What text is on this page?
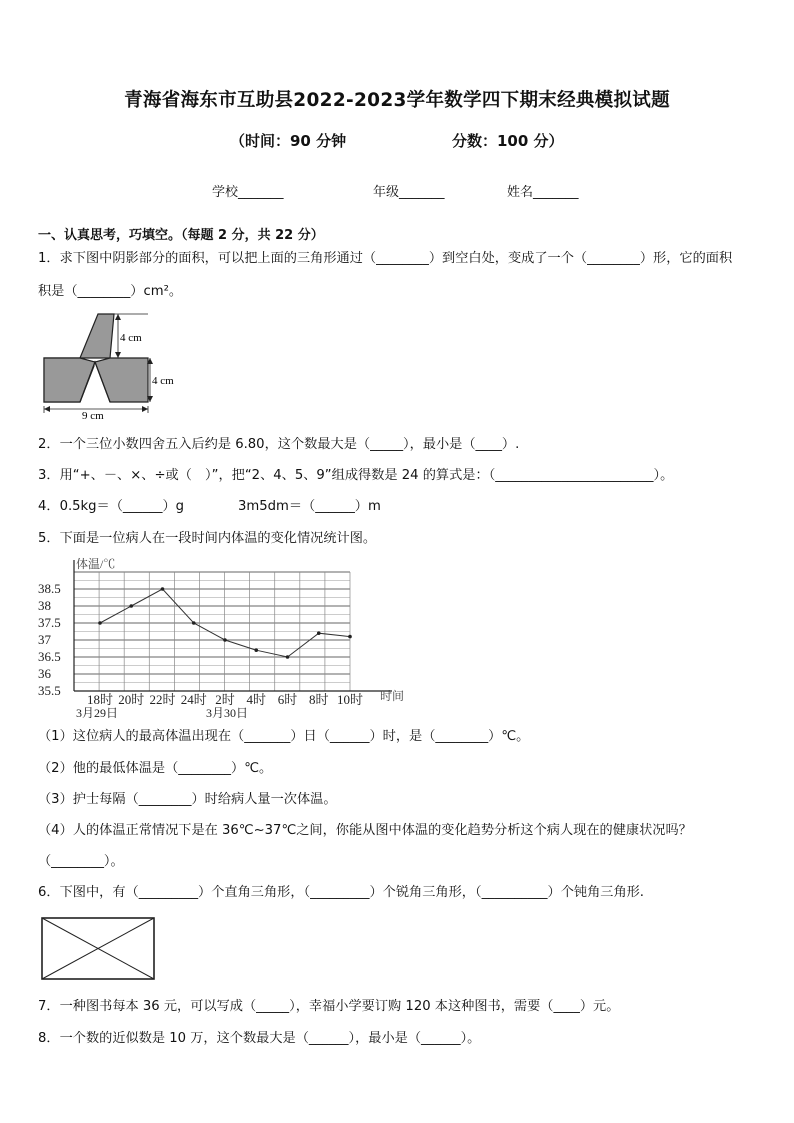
青海省海东市互助县2022-2023学年数学四下期末经典模拟试题
（时间：90 分钟	分数：100 分）
学校_______	年级_______	姓名_______
一、认真思考，巧填空。（每题 2 分，共 22 分）
1．求下图中阴影部分的面积，可以把上面的三角形通过（________）到空白处，变成了一个（________）形，它的面积
积是（________）cm²。
4 cm
4 cm
9 cm
2．一个三位小数四舍五入后约是 6.80，这个数最大是（_____），最小是（____）.
3．用“+、－、×、÷或（　）”，把“2、4、5、9”组成得数是 24 的算式是：（________________________）。
4．0.5kg＝（______）g	3m5dm＝（______）m
5．下面是一位病人在一段时间内体温的变化情况统计图。
35.5
36
36.5
37
37.5
38
38.5
18时 20时 22时 24时 2时 4时 6时 8时 10时
体温/℃
时间
3月29日	3月30日
（1）这位病人的最高体温出现在（_______）日（______）时，是（________）℃。
（2）他的最低体温是（________）℃。
（3）护士每隔（________）时给病人量一次体温。
（4）人的体温正常情况下是在 36℃~37℃之间，你能从图中体温的变化趋势分析这个病人现在的健康状况吗？
（________）。
6．下图中，有（_________）个直角三角形，（_________）个锐角三角形，（__________）个钝角三角形.
7．一种图书每本 36 元，可以写成（_____），幸福小学要订购 120 本这种图书，需要（____）元。
8．一个数的近似数是 10 万，这个数最大是（______），最小是（______）。
